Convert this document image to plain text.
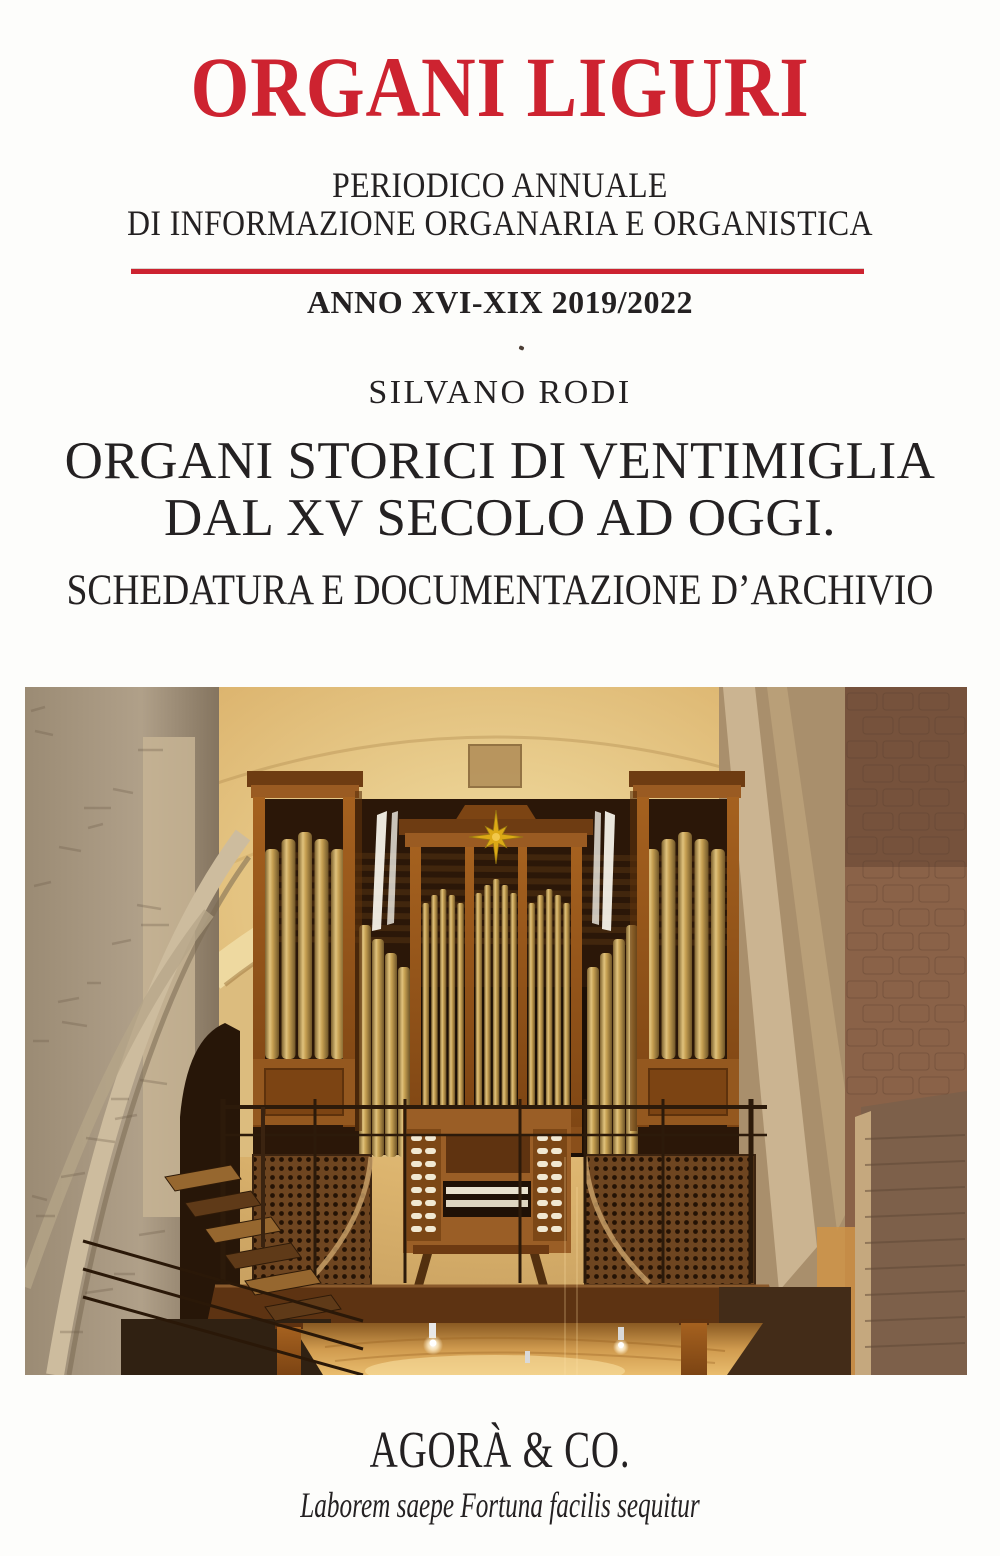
ORGANI LIGURI
PERIODICO ANNUALE
DI INFORMAZIONE ORGANARIA E ORGANISTICA
ANNO XVI-XIX 2019/2022
SILVANO RODI
ORGANI STORICI DI VENTIMIGLIA
DAL XV SECOLO AD OGGI.
SCHEDATURA E DOCUMENTAZIONE D’ARCHIVIO
AGORÀ & CO.
Laborem saepe Fortuna facilis sequitur
